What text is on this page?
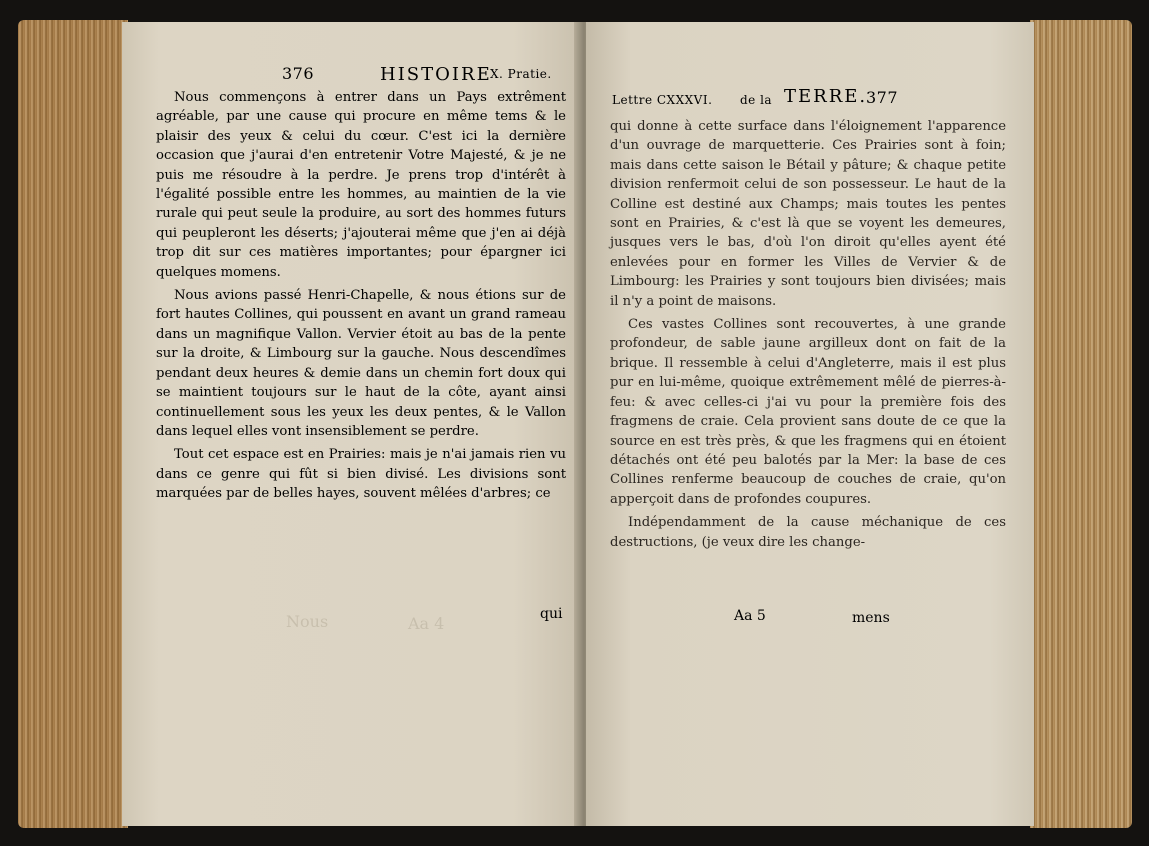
376	HISTOIRE
X. Pratie.

Nous commençons à entrer dans un Pays extrêment agréable, par une cause qui procure en même tems & le plaisir des yeux & celui du cœur. C'est ici la dernière occasion que j'aurai d'en entretenir Votre Majesté, & je ne puis me résoudre à la perdre. Je prens trop d'intérêt à l'égalité possible entre les hommes, au maintien de la vie rurale qui peut seule la produire, au sort des hommes futurs qui peupleront les déserts; j'ajouterai même que j'en ai déjà trop dit sur ces matières importantes; pour épargner ici quelques momens.

Nous avions passé Henri-Chapelle, & nous étions sur de fort hautes Collines, qui poussent en avant un grand rameau dans un magnifique Vallon. Vervier étoit au bas de la pente sur la droite, & Limbourg sur la gauche. Nous descendîmes pendant deux heures & demie dans un chemin fort doux qui se maintient toujours sur le haut de la côte, ayant ainsi continuellement sous les yeux les deux pentes, & le Vallon dans lequel elles vont insensiblement se perdre.

Tout cet espace est en Prairies: mais je n'ai jamais rien vu dans ce genre qui fût si bien divisé. Les divisions sont marquées par de belles hayes, souvent mêlées d'arbres; ce

qui
Nous	Aa 4

qui donne à cette surface dans l'éloignement l'apparence d'un ouvrage de marquetterie. Ces Prairies sont à foin; mais dans cette saison le Bétail y pâture; & chaque petite division renfermoit celui de son possesseur. Le haut de la Colline est destiné aux Champs; mais toutes les pentes sont en Prairies, & c'est là que se voyent les demeures, jusques vers le bas, d'où l'on diroit qu'elles ayent été enlevées pour en former les Villes de Vervier & de Limbourg: les Prairies y sont toujours bien divisées; mais il n'y a point de maisons.

Ces vastes Collines sont recouvertes, à une grande profondeur, de sable jaune argilleux dont on fait de la brique. Il ressemble à celui d'Angleterre, mais il est plus pur en lui-même, quoique extrêmement mêlé de pierres-à-feu: & avec celles-ci j'ai vu pour la première fois des fragmens de craie. Cela provient sans doute de ce que la source en est très près, & que les fragmens qui en étoient détachés ont été peu balotés par la Mer: la base de ces Collines renferme beaucoup de couches de craie, qu'on apperçoit dans de profondes coupures.

Indépendamment de la cause méchanique de ces destructions, (je veux dire les change-

Lettre CXXXVI. de la TERRE.
377
Aa 5	mens
